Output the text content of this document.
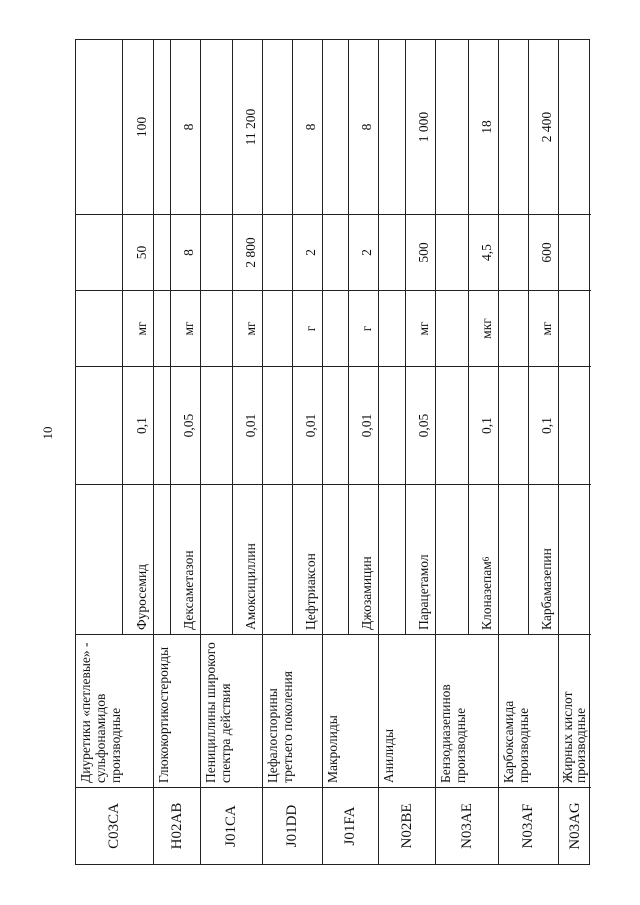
10
C03CA
Диуретики «петлевые» - сульфонамидов производные
Фуросемид
0,1
мг
50
100
H02AB
Глюкокортикостероиды
Дексаметазон
0,05
мг
8
8
J01CA
Пенициллины широкого спектра действия
Амоксициллин
0,01
мг
2 800
11 200
J01DD
Цефалоспорины третьего поколения
Цефтриаксон
0,01
г
2
8
J01FA
Макролиды
Джозамицин
0,01
г
2
8
N02BE
Анилиды
Парацетамол
0,05
мг
500
1 000
N03AE
Бензодиазепинов производные
Клоназепам
6
0,1
мкг
4,5
18
N03AF
Карбоксамида производные
Карбамазепин
0,1
мг
600
2 400
N03AG
Жирных кислот производные
